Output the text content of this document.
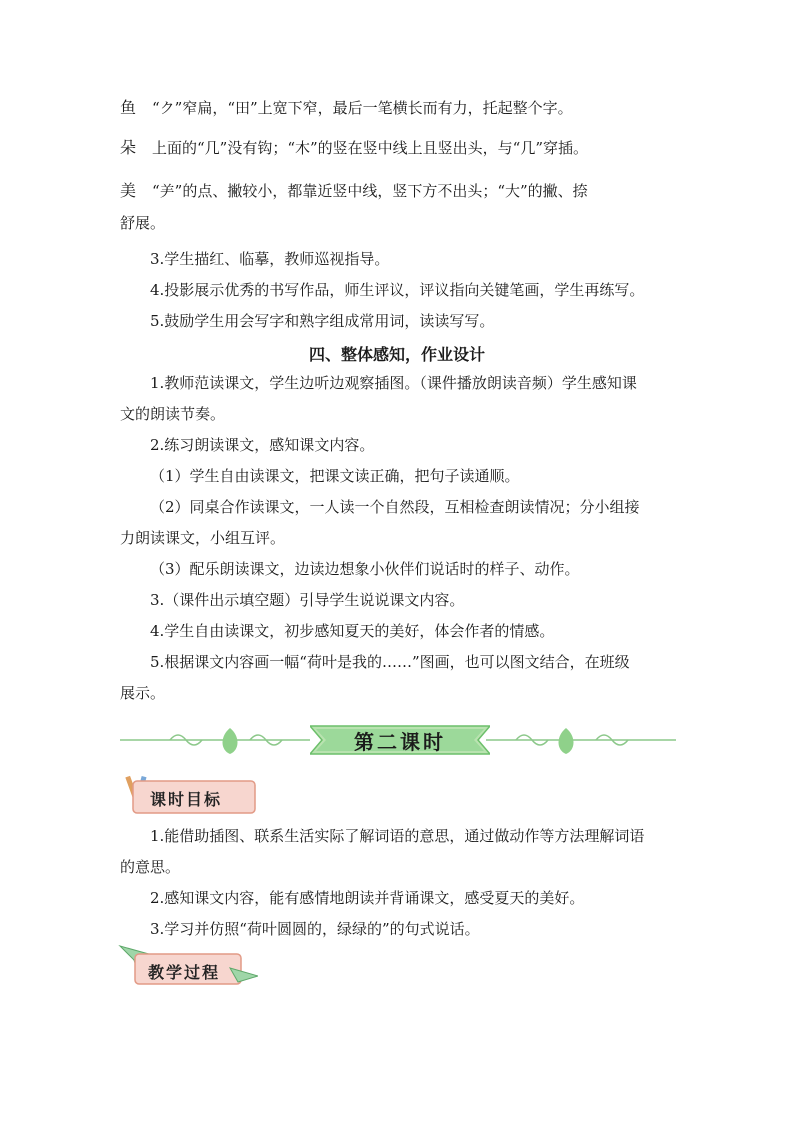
鱼 “ク”窄扁，“田”上宽下窄，最后一笔横长而有力，托起整个字。
朵 上面的“几”没有钩；“木”的竖在竖中线上且竖出头，与“几”穿插。
美 “⺶”的点、撇较小，都靠近竖中线，竖下方不出头；“大”的撇、捺
舒展。
3.学生描红、临摹，教师巡视指导。
4.投影展示优秀的书写作品，师生评议，评议指向关键笔画，学生再练写。
5.鼓励学生用会写字和熟字组成常用词，读读写写。
四、整体感知，作业设计
1.教师范读课文，学生边听边观察插图。（课件播放朗读音频）学生感知课
文的朗读节奏。
2.练习朗读课文，感知课文内容。
（1）学生自由读课文，把课文读正确，把句子读通顺。
（2）同桌合作读课文，一人读一个自然段，互相检查朗读情况；分小组接
力朗读课文，小组互评。
（3）配乐朗读课文，边读边想象小伙伴们说话时的样子、动作。
3.（课件出示填空题）引导学生说说课文内容。
4.学生自由读课文，初步感知夏天的美好，体会作者的情感。
5.根据课文内容画一幅“荷叶是我的……”图画，也可以图文结合，在班级
展示。
第二课时
课时目标
1.能借助插图、联系生活实际了解词语的意思，通过做动作等方法理解词语
的意思。
2.感知课文内容，能有感情地朗读并背诵课文，感受夏天的美好。
3.学习并仿照“荷叶圆圆的，绿绿的”的句式说话。
教学过程
